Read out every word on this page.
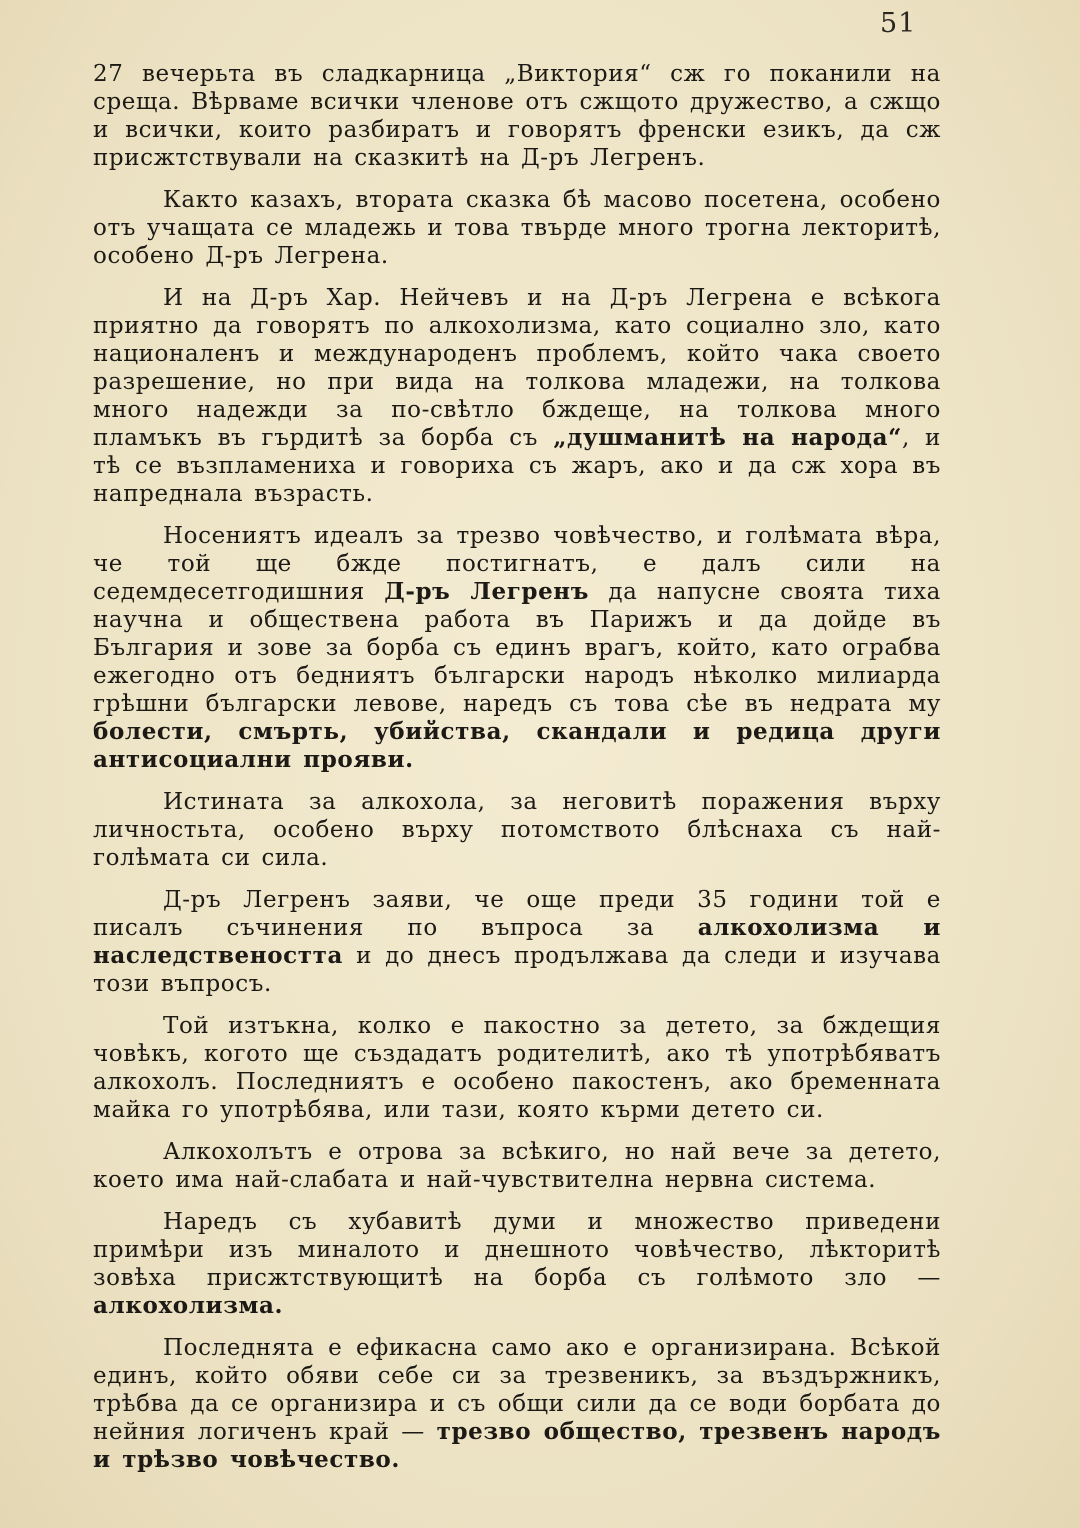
51

27 вечерьта въ сладкарница „Виктория“ сж го поканили на среща. Вѣрваме всички членове отъ сжщото дружество, а сжщо и всички, които разбиратъ и говорятъ френски езикъ, да сж присжтствували на сказкитѣ на Д-ръ Легренъ.

Както казахъ, втората сказка бѣ масово посетена, особено отъ учащата се младежь и това твърде много трогна лекторитѣ, особено Д-ръ Легрена.

И на Д-ръ Хар. Нейчевъ и на Д-ръ Легрена е всѣкога приятно да говорятъ по алкохолизма, като социално зло, като националенъ и международенъ проблемъ, който чака своето разрешение, но при вида на толкова младежи, на толкова много надежди за по-свѣтло бждеще, на толкова много пламъкъ въ гърдитѣ за борба съ „душманитѣ на народа“, и тѣ се възпламениха и говориха съ жаръ, ако и да сж хора въ напреднала възрасть.

Носениятъ идеалъ за трезво човѣчество, и голѣмата вѣра, че той ще бжде постигнатъ, е далъ сили на седемдесетгодишния Д-ръ Легренъ да напусне своята тиха научна и обществена работа въ Парижъ и да дойде въ България и зове за борба съ единъ врагъ, който, като ограбва ежегодно отъ бедниятъ български народъ нѣколко милиарда грѣшни български левове, наредъ съ това сѣе въ недрата му болести, смърть, убийства, скандали и редица други антисоциални прояви.

Истината за алкохола, за неговитѣ поражения върху личностьта, особено върху потомството блѣснаха съ най-голѣмата си сила.

Д-ръ Легренъ заяви, че още преди 35 години той е писалъ съчинения по въпроса за алкохолизма и наследствеността и до днесъ продължава да следи и изучава този въпросъ.

Той изтъкна, колко е пакостно за детето, за бждещия човѣкъ, когото ще създадатъ родителитѣ, ако тѣ употрѣбяватъ алкохолъ. Последниятъ е особено пакостенъ, ако бременната майка го употрѣбява, или тази, която кърми детето си.

Алкохолътъ е отрова за всѣкиго, но най вече за детето, което има най-слабата и най-чувствителна нервна система.

Наредъ съ хубавитѣ думи и множество приведени примѣри изъ миналото и днешното човѣчество, лѣкторитѣ зовѣха присжтствующитѣ на борба съ голѣмото зло — алкохолизма.

Последнята е ефикасна само ако е организирана. Всѣкой единъ, който обяви себе си за трезвеникъ, за въздържникъ, трѣбва да се организира и съ общи сили да се води борбата до нейния логиченъ край — трезво общество, трезвенъ народъ и трѣзво човѣчество.
